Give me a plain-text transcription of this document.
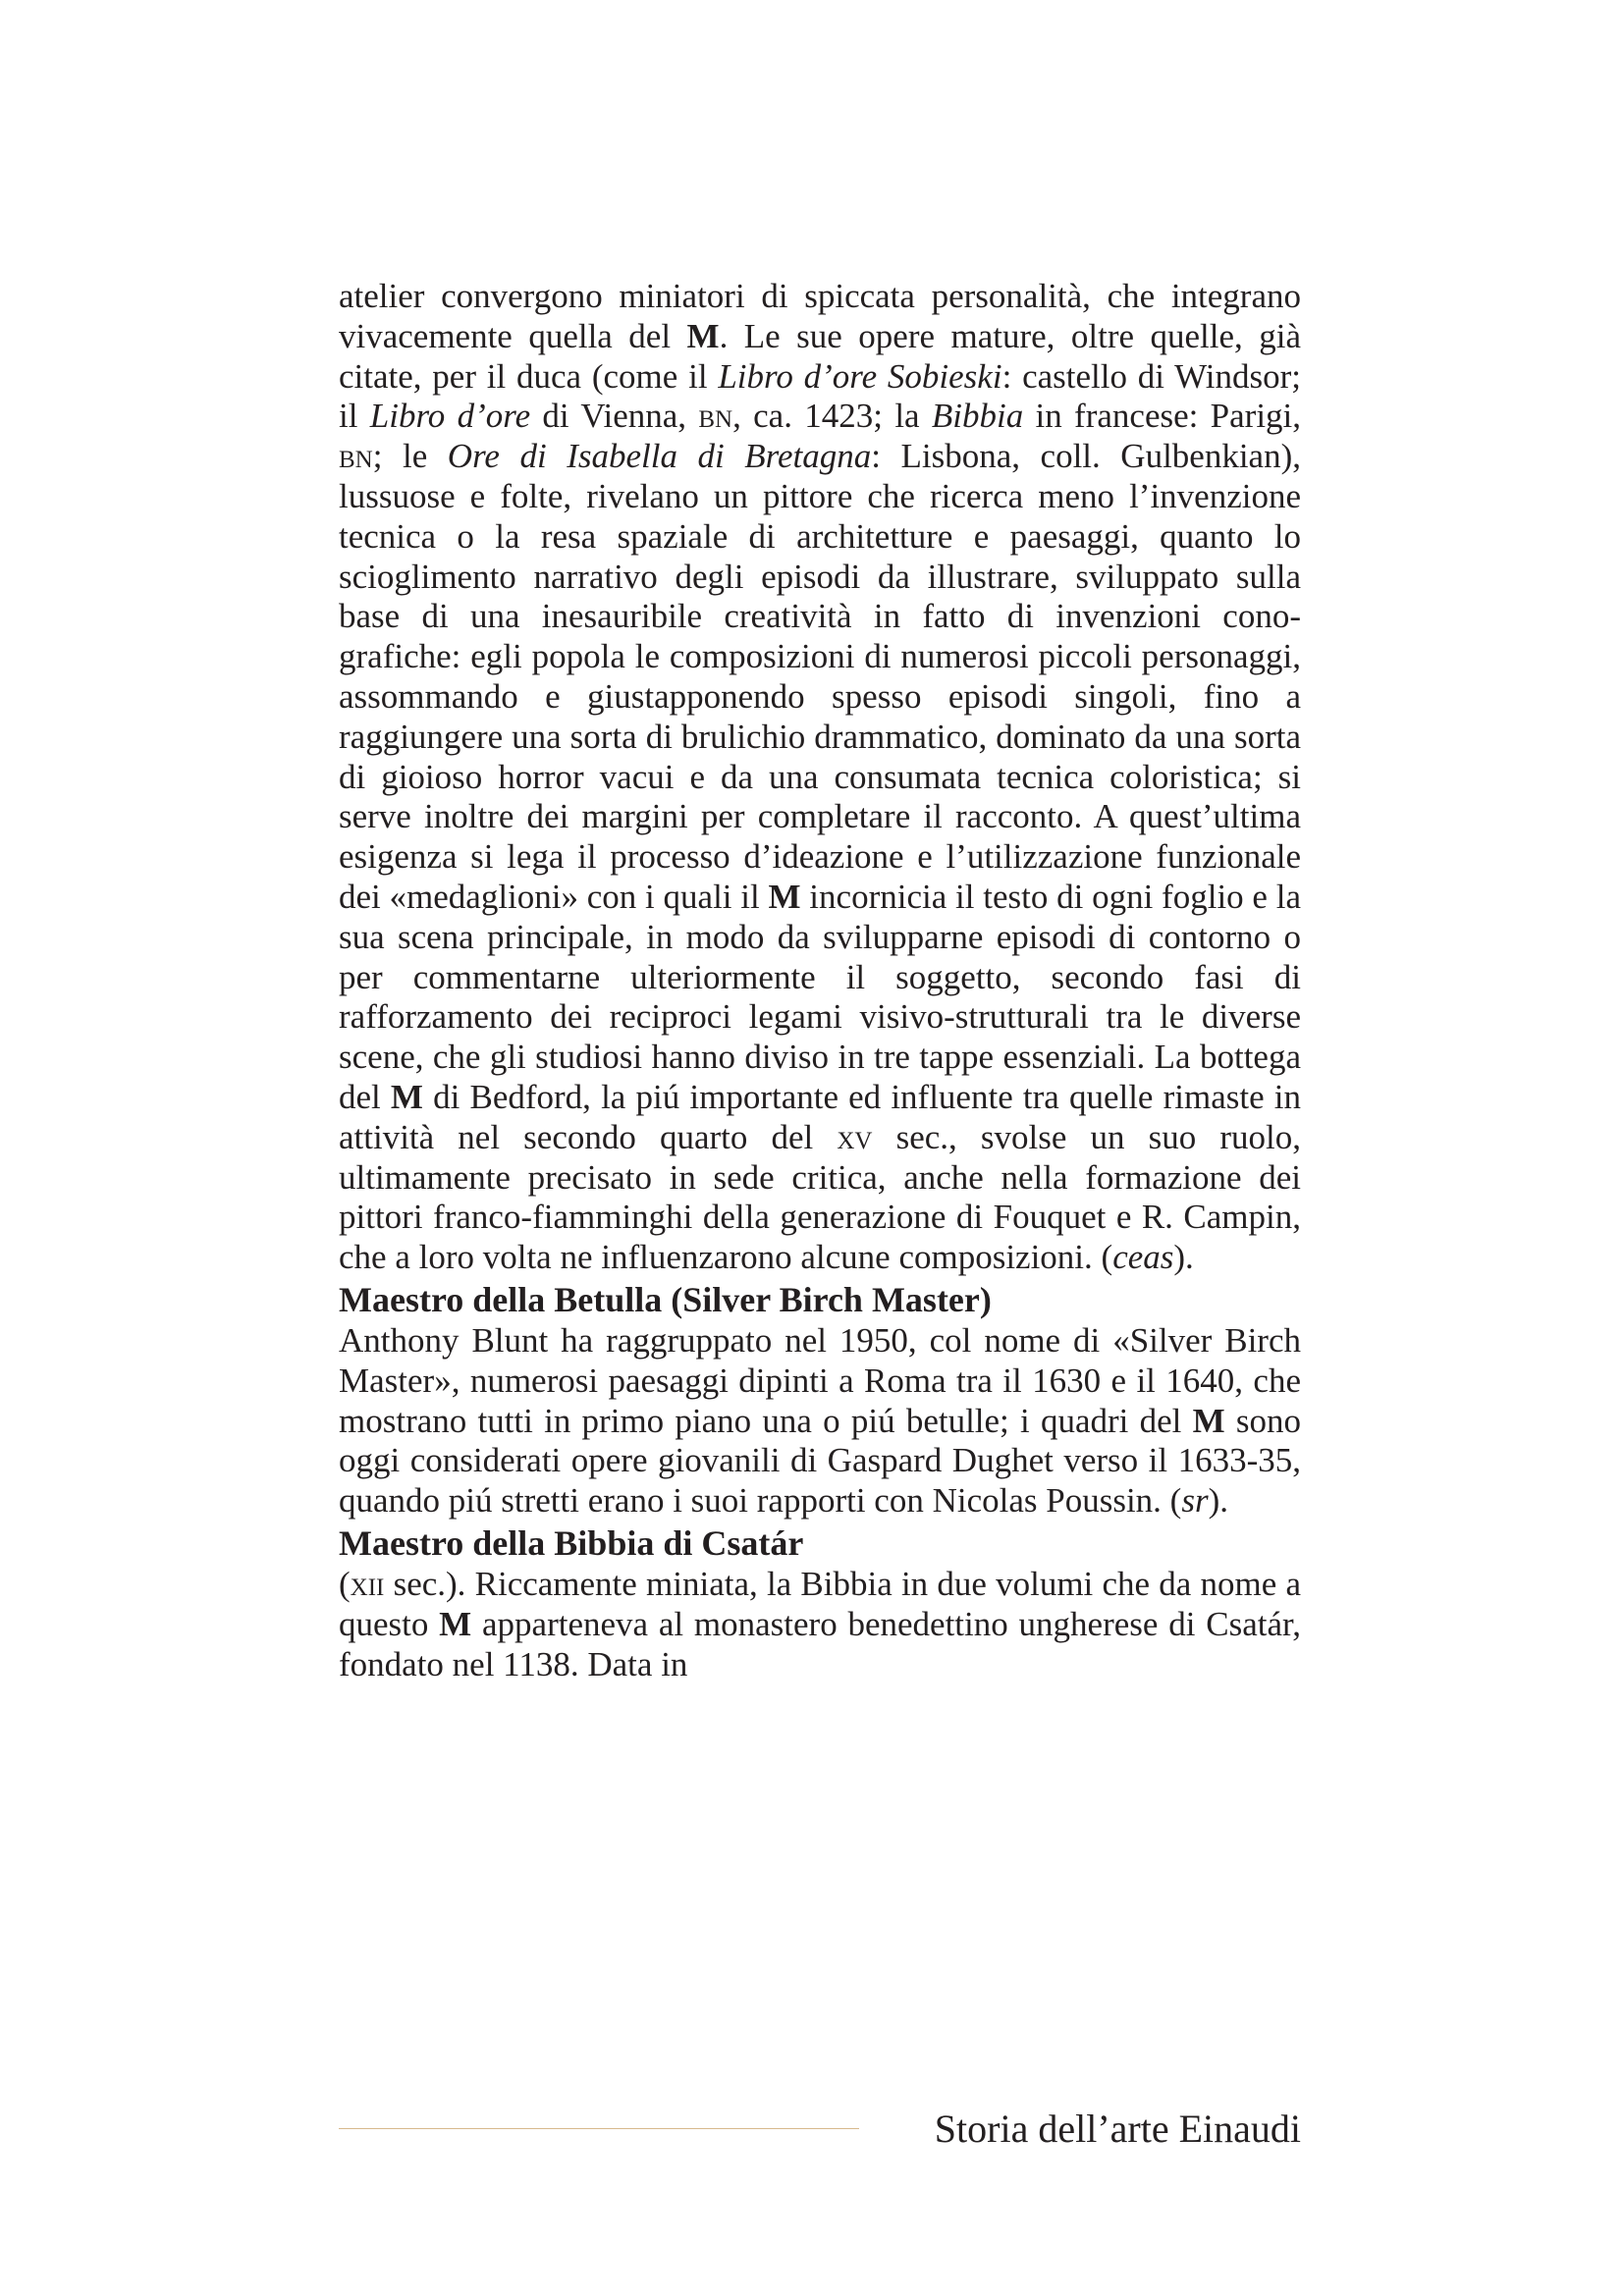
atelier convergono miniatori di spiccata personalità, che integrano vivacemente quella del M. Le sue opere mature, oltre quelle, già citate, per il duca (come il Libro d’ore Sobieski: castello di Windsor; il Libro d’ore di Vienna, bn, ca. 1423; la Bibbia in francese: Parigi, bn; le Ore di Isabella di Bretagna: Lisbona, coll. Gulbenkian), lussuose e folte, rivelano un pittore che ricerca meno l’invenzione tecnica o la resa spaziale di architetture e paesaggi, quanto lo scioglimento narrativo degli episodi da illustrare, sviluppato sulla base di una inesauribile creatività in fatto di invenzioni cono-grafiche: egli popola le composizioni di numerosi piccoli personaggi, assommando e giustapponendo spesso episodi singoli, fino a raggiungere una sorta di brulichio drammatico, dominato da una sorta di gioioso horror vacui e da una consumata tecnica coloristica; si serve inoltre dei margini per completare il racconto. A quest’ultima esigenza si lega il processo d’ideazione e l’utilizzazione funzionale dei «medaglioni» con i quali il M incornicia il testo di ogni foglio e la sua scena principale, in modo da svilupparne episodi di contorno o per commentarne ulteriormente il soggetto, secondo fasi di rafforzamento dei reciproci legami visivo-strutturali tra le diverse scene, che gli studiosi hanno diviso in tre tappe essenziali. La bottega del M di Bedford, la piú importante ed influente tra quelle rimaste in attività nel secondo quarto del xv sec., svolse un suo ruolo, ultimamente precisato in sede critica, anche nella formazione dei pittori franco-fiamminghi della generazione di Fouquet e R. Campin, che a loro volta ne influenzarono alcune composizioni. (ceas).

Maestro della Betulla (Silver Birch Master)

Anthony Blunt ha raggruppato nel 1950, col nome di «Silver Birch Master», numerosi paesaggi dipinti a Roma tra il 1630 e il 1640, che mostrano tutti in primo piano una o piú betulle; i quadri del M sono oggi considerati opere giovanili di Gaspard Dughet verso il 1633-35, quando piú stretti erano i suoi rapporti con Nicolas Poussin. (sr).

Maestro della Bibbia di Csatár

(xii sec.). Riccamente miniata, la Bibbia in due volumi che da nome a questo M apparteneva al monastero benedettino ungherese di Csatár, fondato nel 1138. Data in

Storia dell’arte Einaudi
